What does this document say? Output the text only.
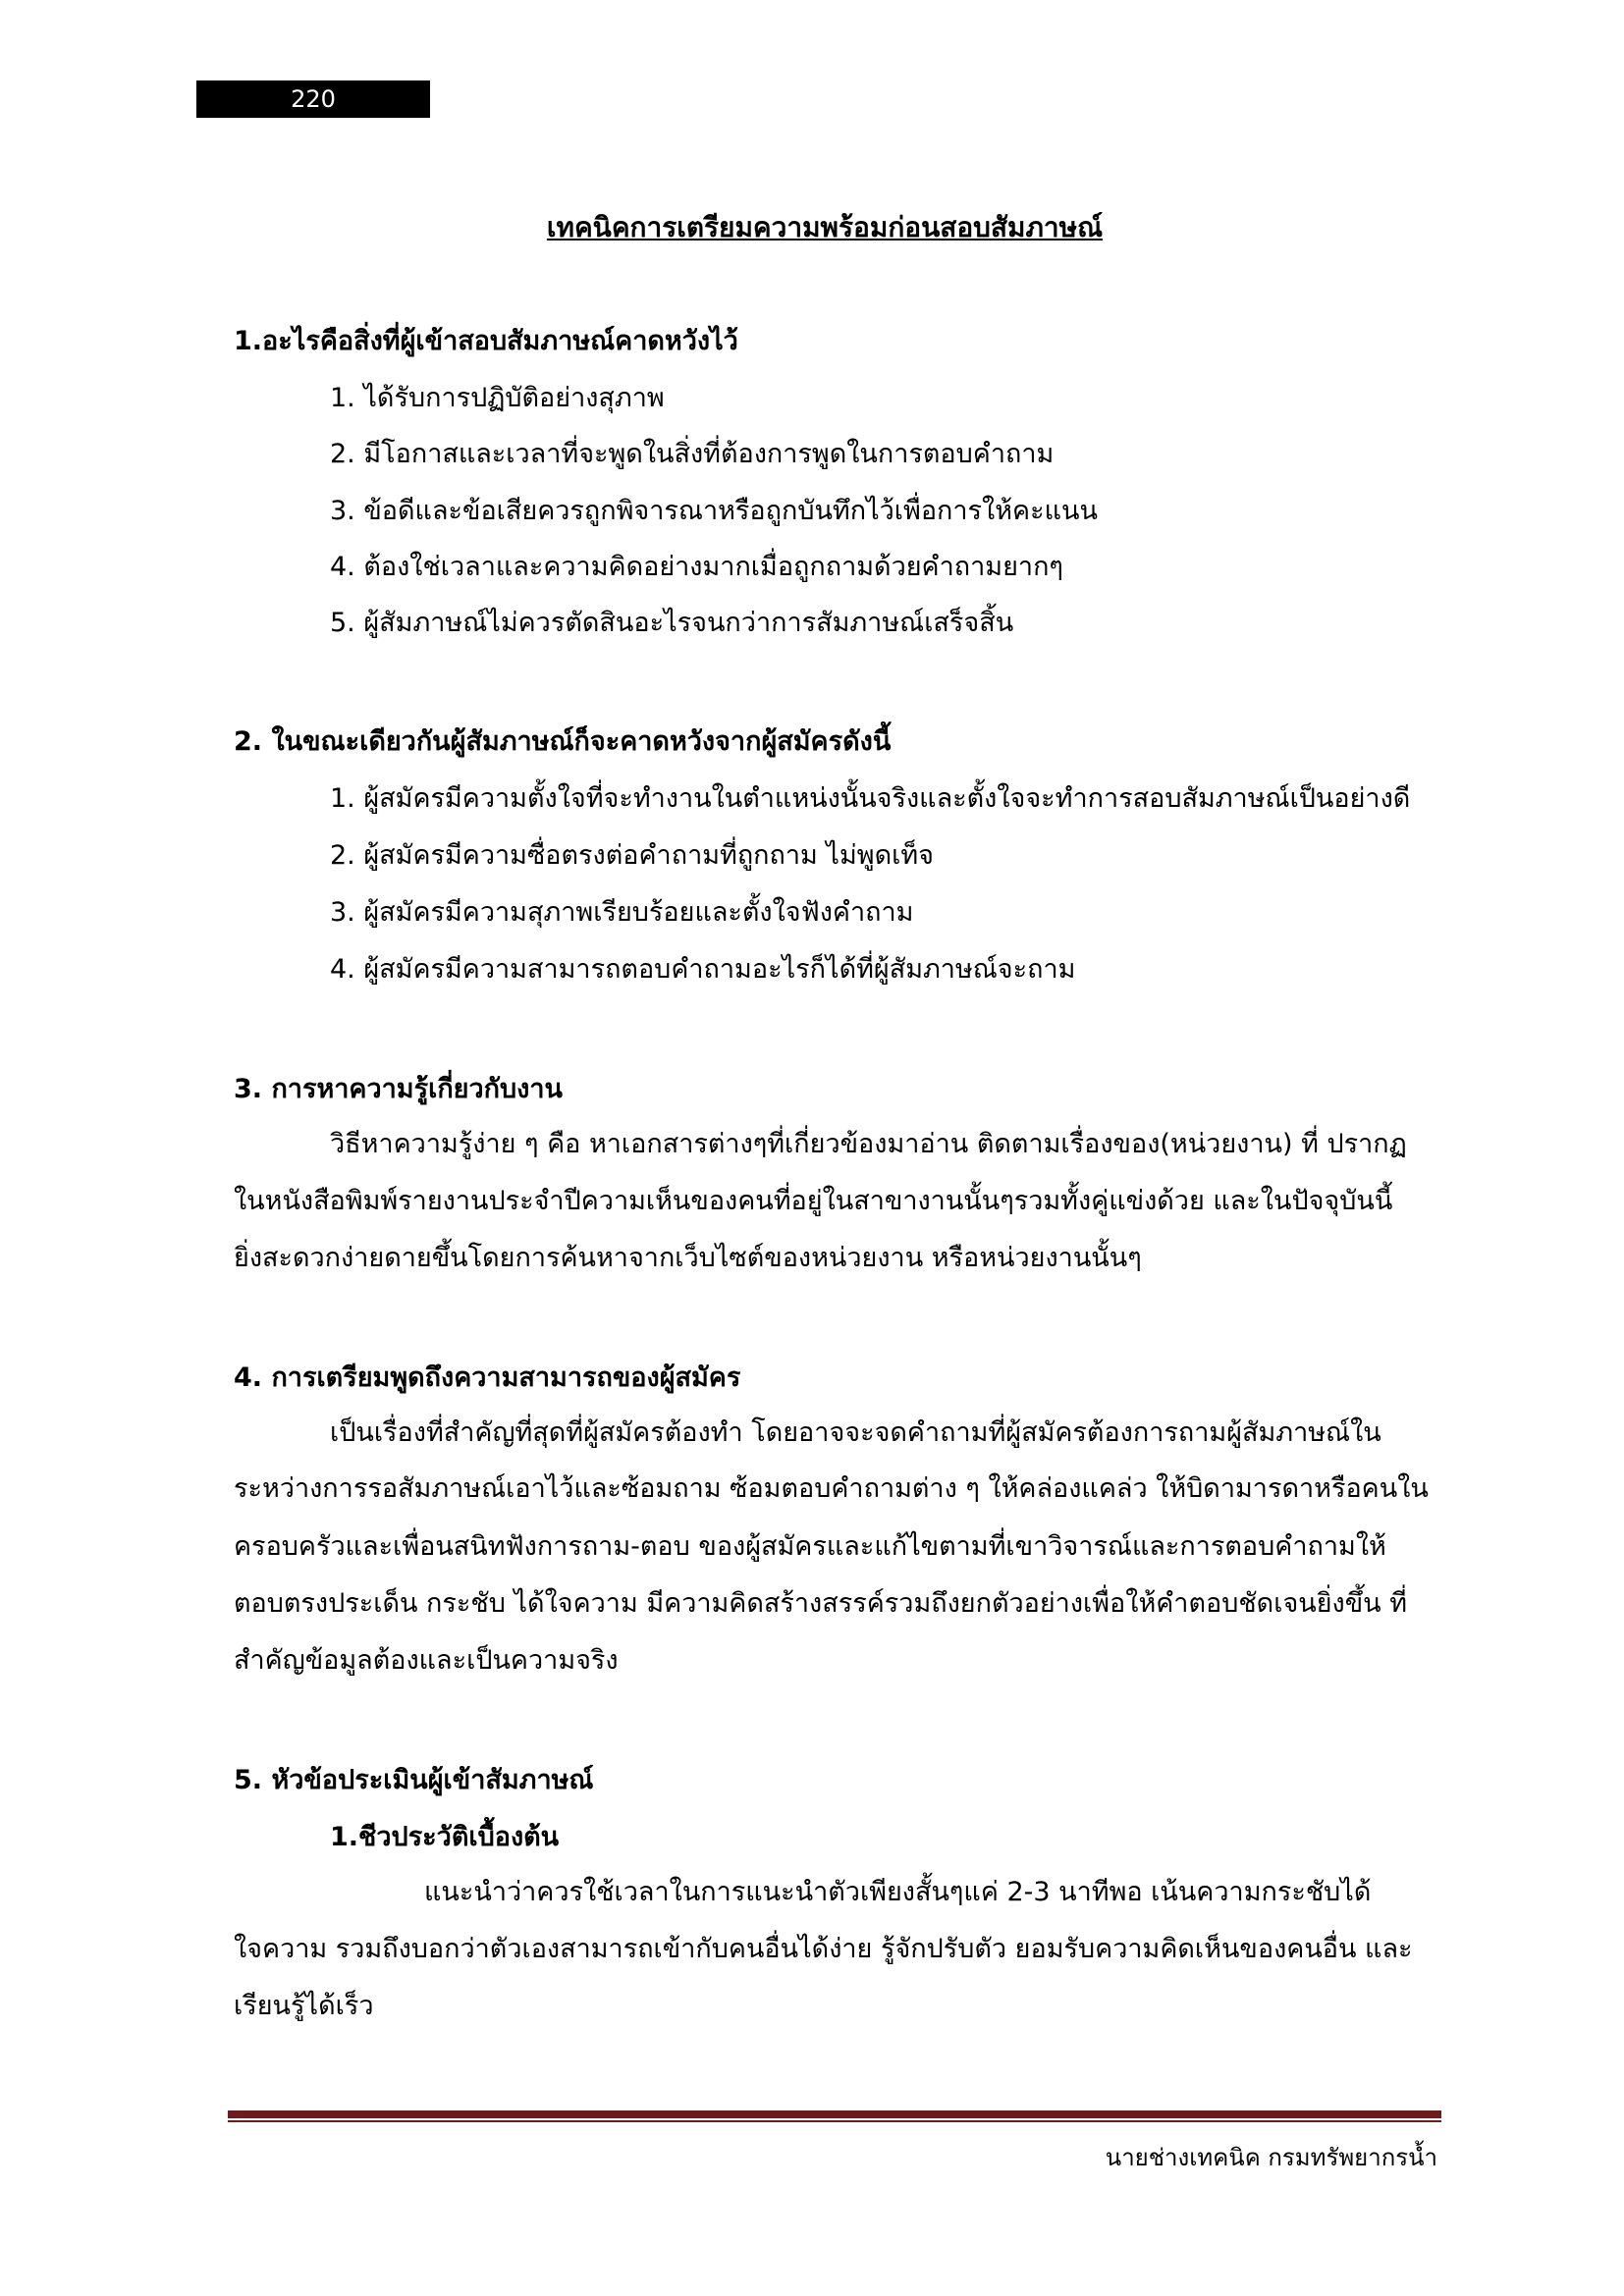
220
เทคนิคการเตรียมความพร้อมก่อนสอบสัมภาษณ์
1.อะไรคือสิ่งที่ผู้เข้าสอบสัมภาษณ์คาดหวังไว้
1. ได้รับการปฏิบัติอย่างสุภาพ
2. มีโอกาสและเวลาที่จะพูดในสิ่งที่ต้องการพูดในการตอบคำถาม
3. ข้อดีและข้อเสียควรถูกพิจารณาหรือถูกบันทึกไว้เพื่อการให้คะแนน
4. ต้องใช่เวลาและความคิดอย่างมากเมื่อถูกถามด้วยคำถามยากๆ
5. ผู้สัมภาษณ์ไม่ควรตัดสินอะไรจนกว่าการสัมภาษณ์เสร็จสิ้น
2. ในขณะเดียวกันผู้สัมภาษณ์ก็จะคาดหวังจากผู้สมัครดังนี้
1. ผู้สมัครมีความตั้งใจที่จะทำงานในตำแหน่งนั้นจริงและตั้งใจจะทำการสอบสัมภาษณ์เป็นอย่างดี
2. ผู้สมัครมีความซื่อตรงต่อคำถามที่ถูกถาม ไม่พูดเท็จ
3. ผู้สมัครมีความสุภาพเรียบร้อยและตั้งใจฟังคำถาม
4. ผู้สมัครมีความสามารถตอบคำถามอะไรก็ได้ที่ผู้สัมภาษณ์จะถาม
3. การหาความรู้เกี่ยวกับงาน
วิธีหาความรู้ง่าย ๆ คือ หาเอกสารต่างๆที่เกี่ยวข้องมาอ่าน ติดตามเรื่องของ(หน่วยงาน) ที่ ปรากฏ
ในหนังสือพิมพ์รายงานประจำปีความเห็นของคนที่อยู่ในสาขางานนั้นๆรวมทั้งคู่แข่งด้วย และในปัจจุบันนี้
ยิ่งสะดวกง่ายดายขึ้นโดยการค้นหาจากเว็บไซต์ของหน่วยงาน หรือหน่วยงานนั้นๆ
4. การเตรียมพูดถึงความสามารถของผู้สมัคร
เป็นเรื่องที่สำคัญที่สุดที่ผู้สมัครต้องทำ โดยอาจจะจดคำถามที่ผู้สมัครต้องการถามผู้สัมภาษณ์ใน
ระหว่างการรอสัมภาษณ์เอาไว้และซ้อมถาม ซ้อมตอบคำถามต่าง ๆ ให้คล่องแคล่ว ให้บิดามารดาหรือคนใน
ครอบครัวและเพื่อนสนิทฟังการถาม-ตอบ ของผู้สมัครและแก้ไขตามที่เขาวิจารณ์และการตอบคำถามให้
ตอบตรงประเด็น กระชับ ได้ใจความ มีความคิดสร้างสรรค์รวมถึงยกตัวอย่างเพื่อให้คำตอบชัดเจนยิ่งขึ้น ที่
สำคัญข้อมูลต้องและเป็นความจริง
5. หัวข้อประเมินผู้เข้าสัมภาษณ์
1.ชีวประวัติเบื้องต้น
แนะนำว่าควรใช้เวลาในการแนะนำตัวเพียงสั้นๆแค่ 2-3 นาทีพอ เน้นความกระชับได้
ใจความ รวมถึงบอกว่าตัวเองสามารถเข้ากับคนอื่นได้ง่าย รู้จักปรับตัว ยอมรับความคิดเห็นของคนอื่น และ
เรียนรู้ได้เร็ว
นายช่างเทคนิค กรมทรัพยากรน้ำ
